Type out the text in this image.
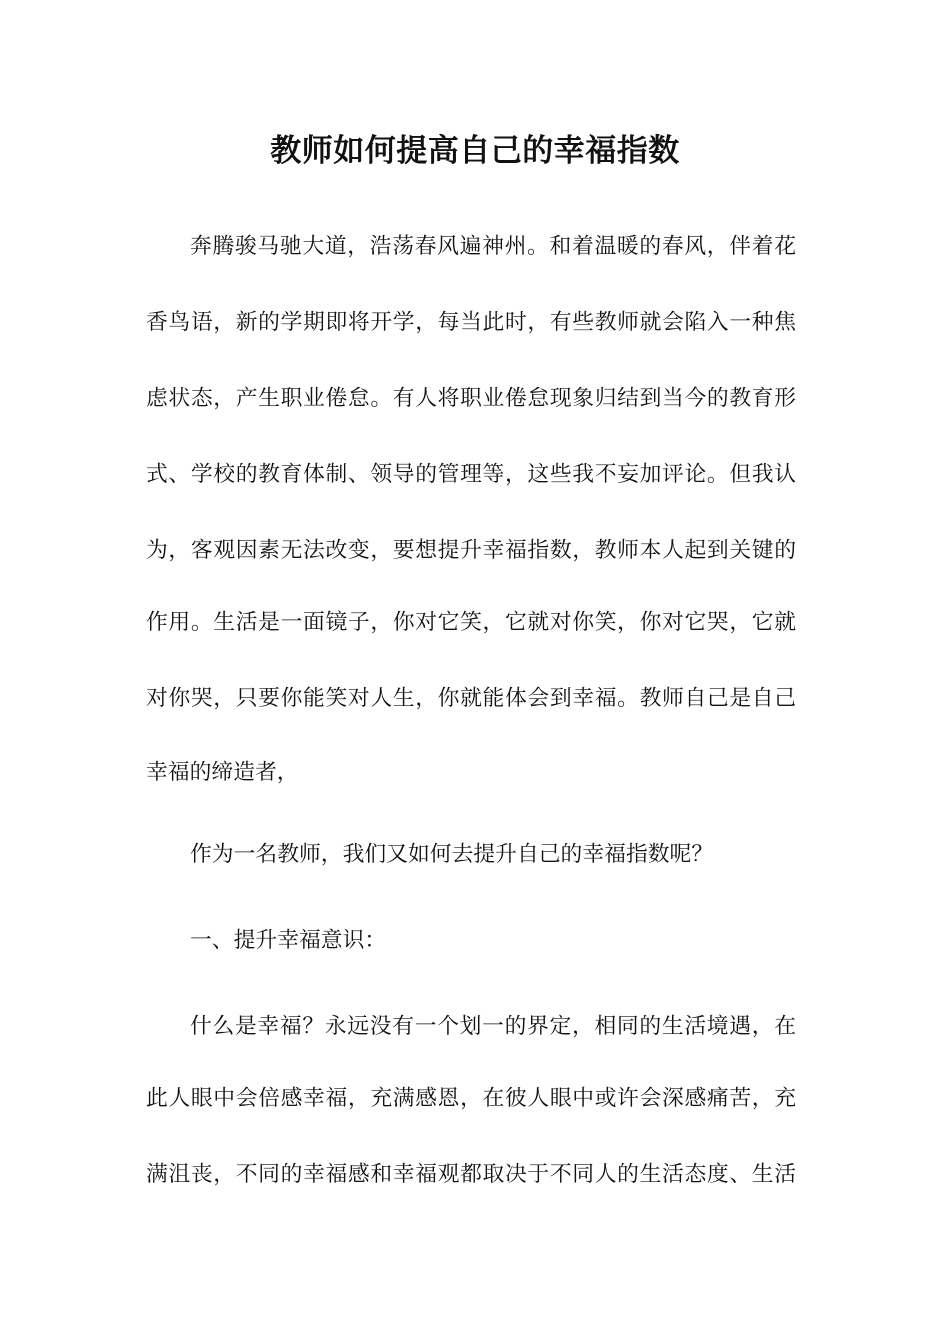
教师如何提高自己的幸福指数
奔腾骏马驰大道，浩荡春风遍神州。和着温暖的春风，伴着花
香鸟语，新的学期即将开学，每当此时，有些教师就会陷入一种焦
虑状态，产生职业倦怠。有人将职业倦怠现象归结到当今的教育形
式、学校的教育体制、领导的管理等，这些我不妄加评论。但我认
为，客观因素无法改变，要想提升幸福指数，教师本人起到关键的
作用。生活是一面镜子，你对它笑，它就对你笑，你对它哭，它就
对你哭，只要你能笑对人生，你就能体会到幸福。教师自己是自己
幸福的缔造者，
作为一名教师，我们又如何去提升自己的幸福指数呢？
一、提升幸福意识：
什么是幸福？永远没有一个划一的界定，相同的生活境遇，在
此人眼中会倍感幸福，充满感恩，在彼人眼中或许会深感痛苦，充
满沮丧，不同的幸福感和幸福观都取决于不同人的生活态度、生活
